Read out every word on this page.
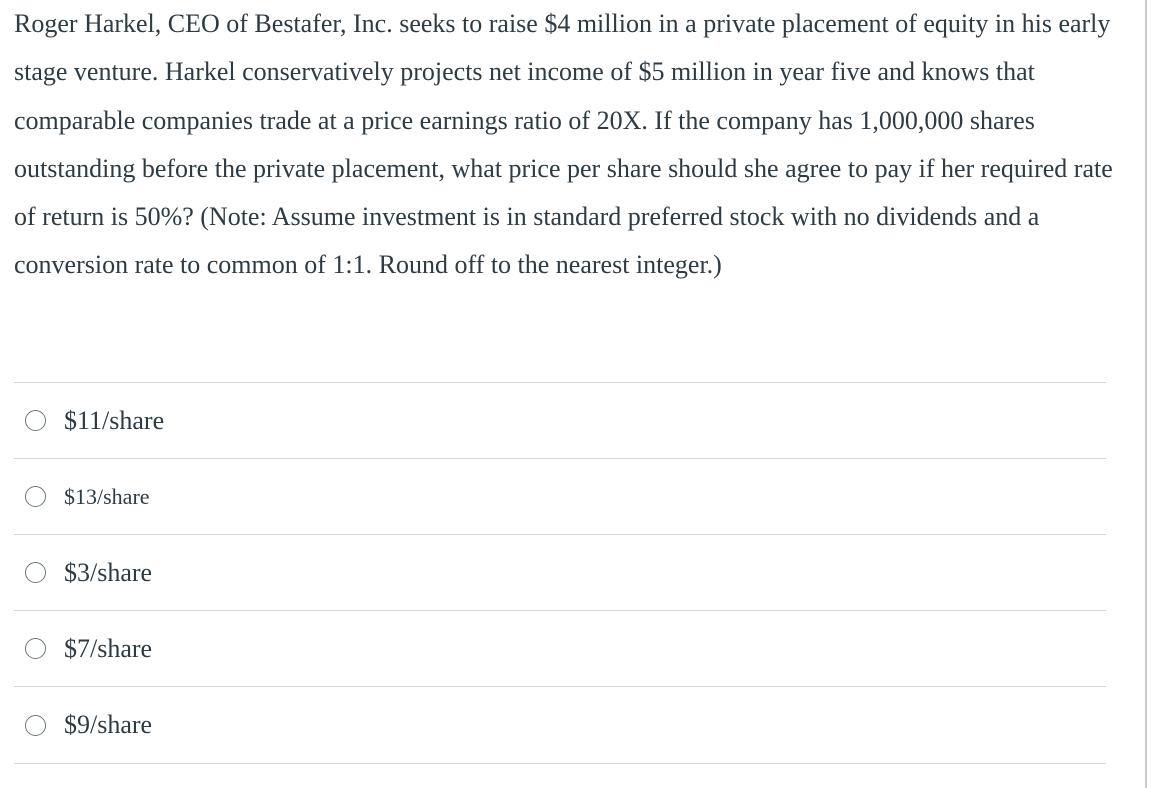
Roger Harkel, CEO of Bestafer, Inc. seeks to raise $4 million in a private placement of equity in his early stage venture. Harkel conservatively projects net income of $5 million in year five and knows that comparable companies trade at a price earnings ratio of 20X. If the company has 1,000,000 shares outstanding before the private placement, what price per share should she agree to pay if her required rate of return is 50%? (Note: Assume investment is in standard preferred stock with no dividends and a conversion rate to common of 1:1. Round off to the nearest integer.)

$11/share
$13/share
$3/share
$7/share
$9/share
